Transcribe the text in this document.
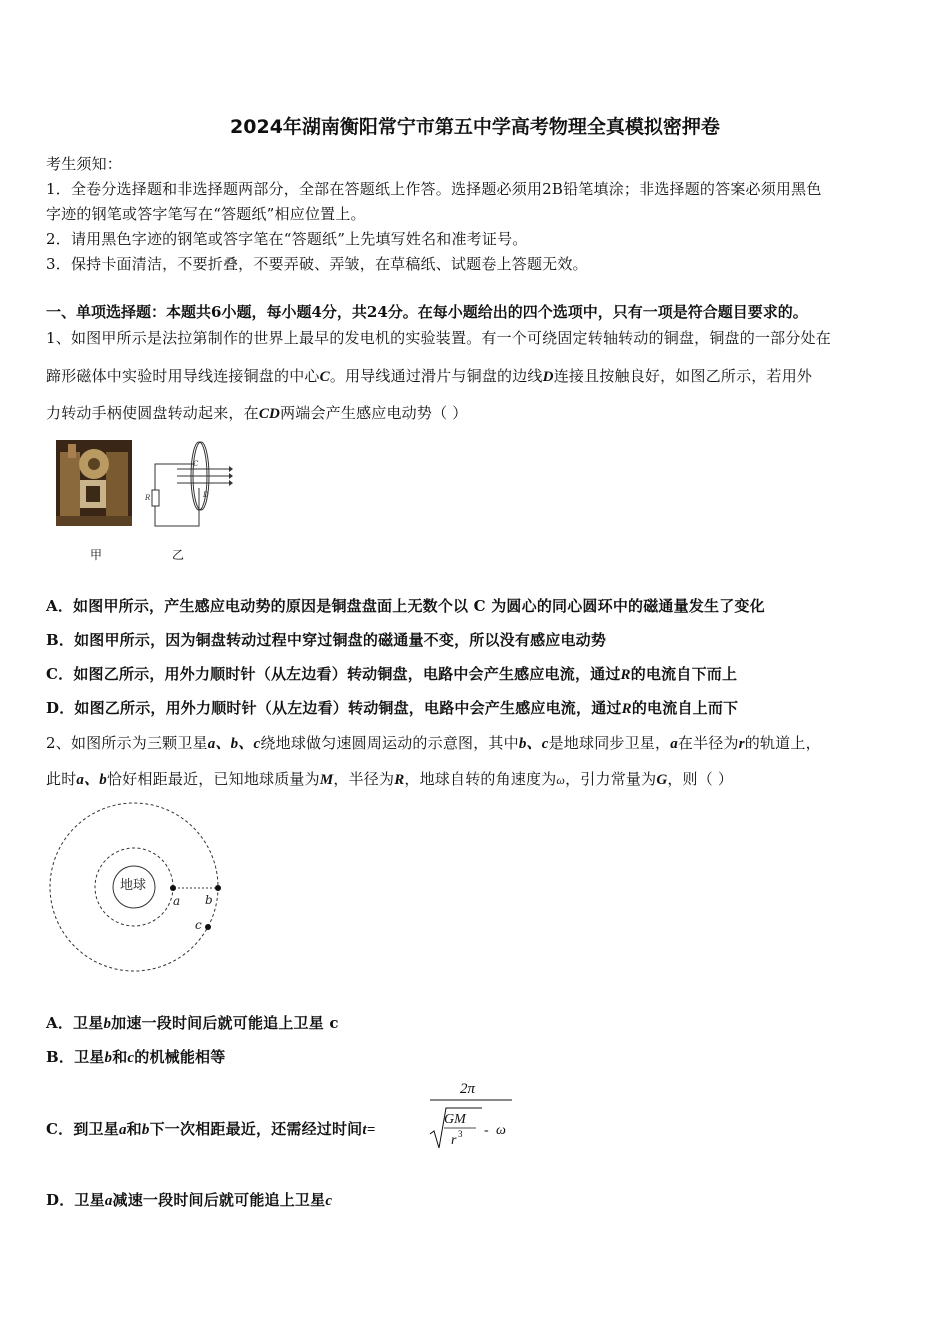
2024年湖南衡阳常宁市第五中学高考物理全真模拟密押卷
考生须知：
1．全卷分选择题和非选择题两部分，全部在答题纸上作答。选择题必须用2B铅笔填涂；非选择题的答案必须用黑色
字迹的钢笔或答字笔写在“答题纸”相应位置上。
2．请用黑色字迹的钢笔或答字笔在“答题纸”上先填写姓名和准考证号。
3．保持卡面清洁，不要折叠，不要弄破、弄皱，在草稿纸、试题卷上答题无效。
一、单项选择题：本题共6小题，每小题4分，共24分。在每小题给出的四个选项中，只有一项是符合题目要求的。
1、如图甲所示是法拉第制作的世界上最早的发电机的实验装置。有一个可绕固定转轴转动的铜盘，铜盘的一部分处在
蹄形磁体中实验时用导线连接铜盘的中心C。用导线通过滑片与铜盘的边线D连接且按触良好，如图乙所示，若用外
力转动手柄使圆盘转动起来，在CD两端会产生感应电动势（ ）
甲
C
D
R
乙
A．如图甲所示，产生感应电动势的原因是铜盘盘面上无数个以 C 为圆心的同心圆环中的磁通量发生了变化
B．如图甲所示，因为铜盘转动过程中穿过铜盘的磁通量不变，所以没有感应电动势
C．如图乙所示，用外力顺时针（从左边看）转动铜盘，电路中会产生感应电流，通过R的电流自下而上
D．如图乙所示，用外力顺时针（从左边看）转动铜盘，电路中会产生感应电流，通过R的电流自上而下
2、如图所示为三颗卫星a、b、c绕地球做匀速圆周运动的示意图，其中b、c是地球同步卫星，a在半径为r的轨道上，
此时a、b恰好相距最近，已知地球质量为M，半径为R，地球自转的角速度为ω，引力常量为G，则（ ）
地球
a b
c
A．卫星b加速一段时间后就可能追上卫星 c
B．卫星b和c的机械能相等
C．到卫星a和b下一次相距最近，还需经过时间t=
2π
GM
r 3 - ω
D．卫星a减速一段时间后就可能追上卫星c
